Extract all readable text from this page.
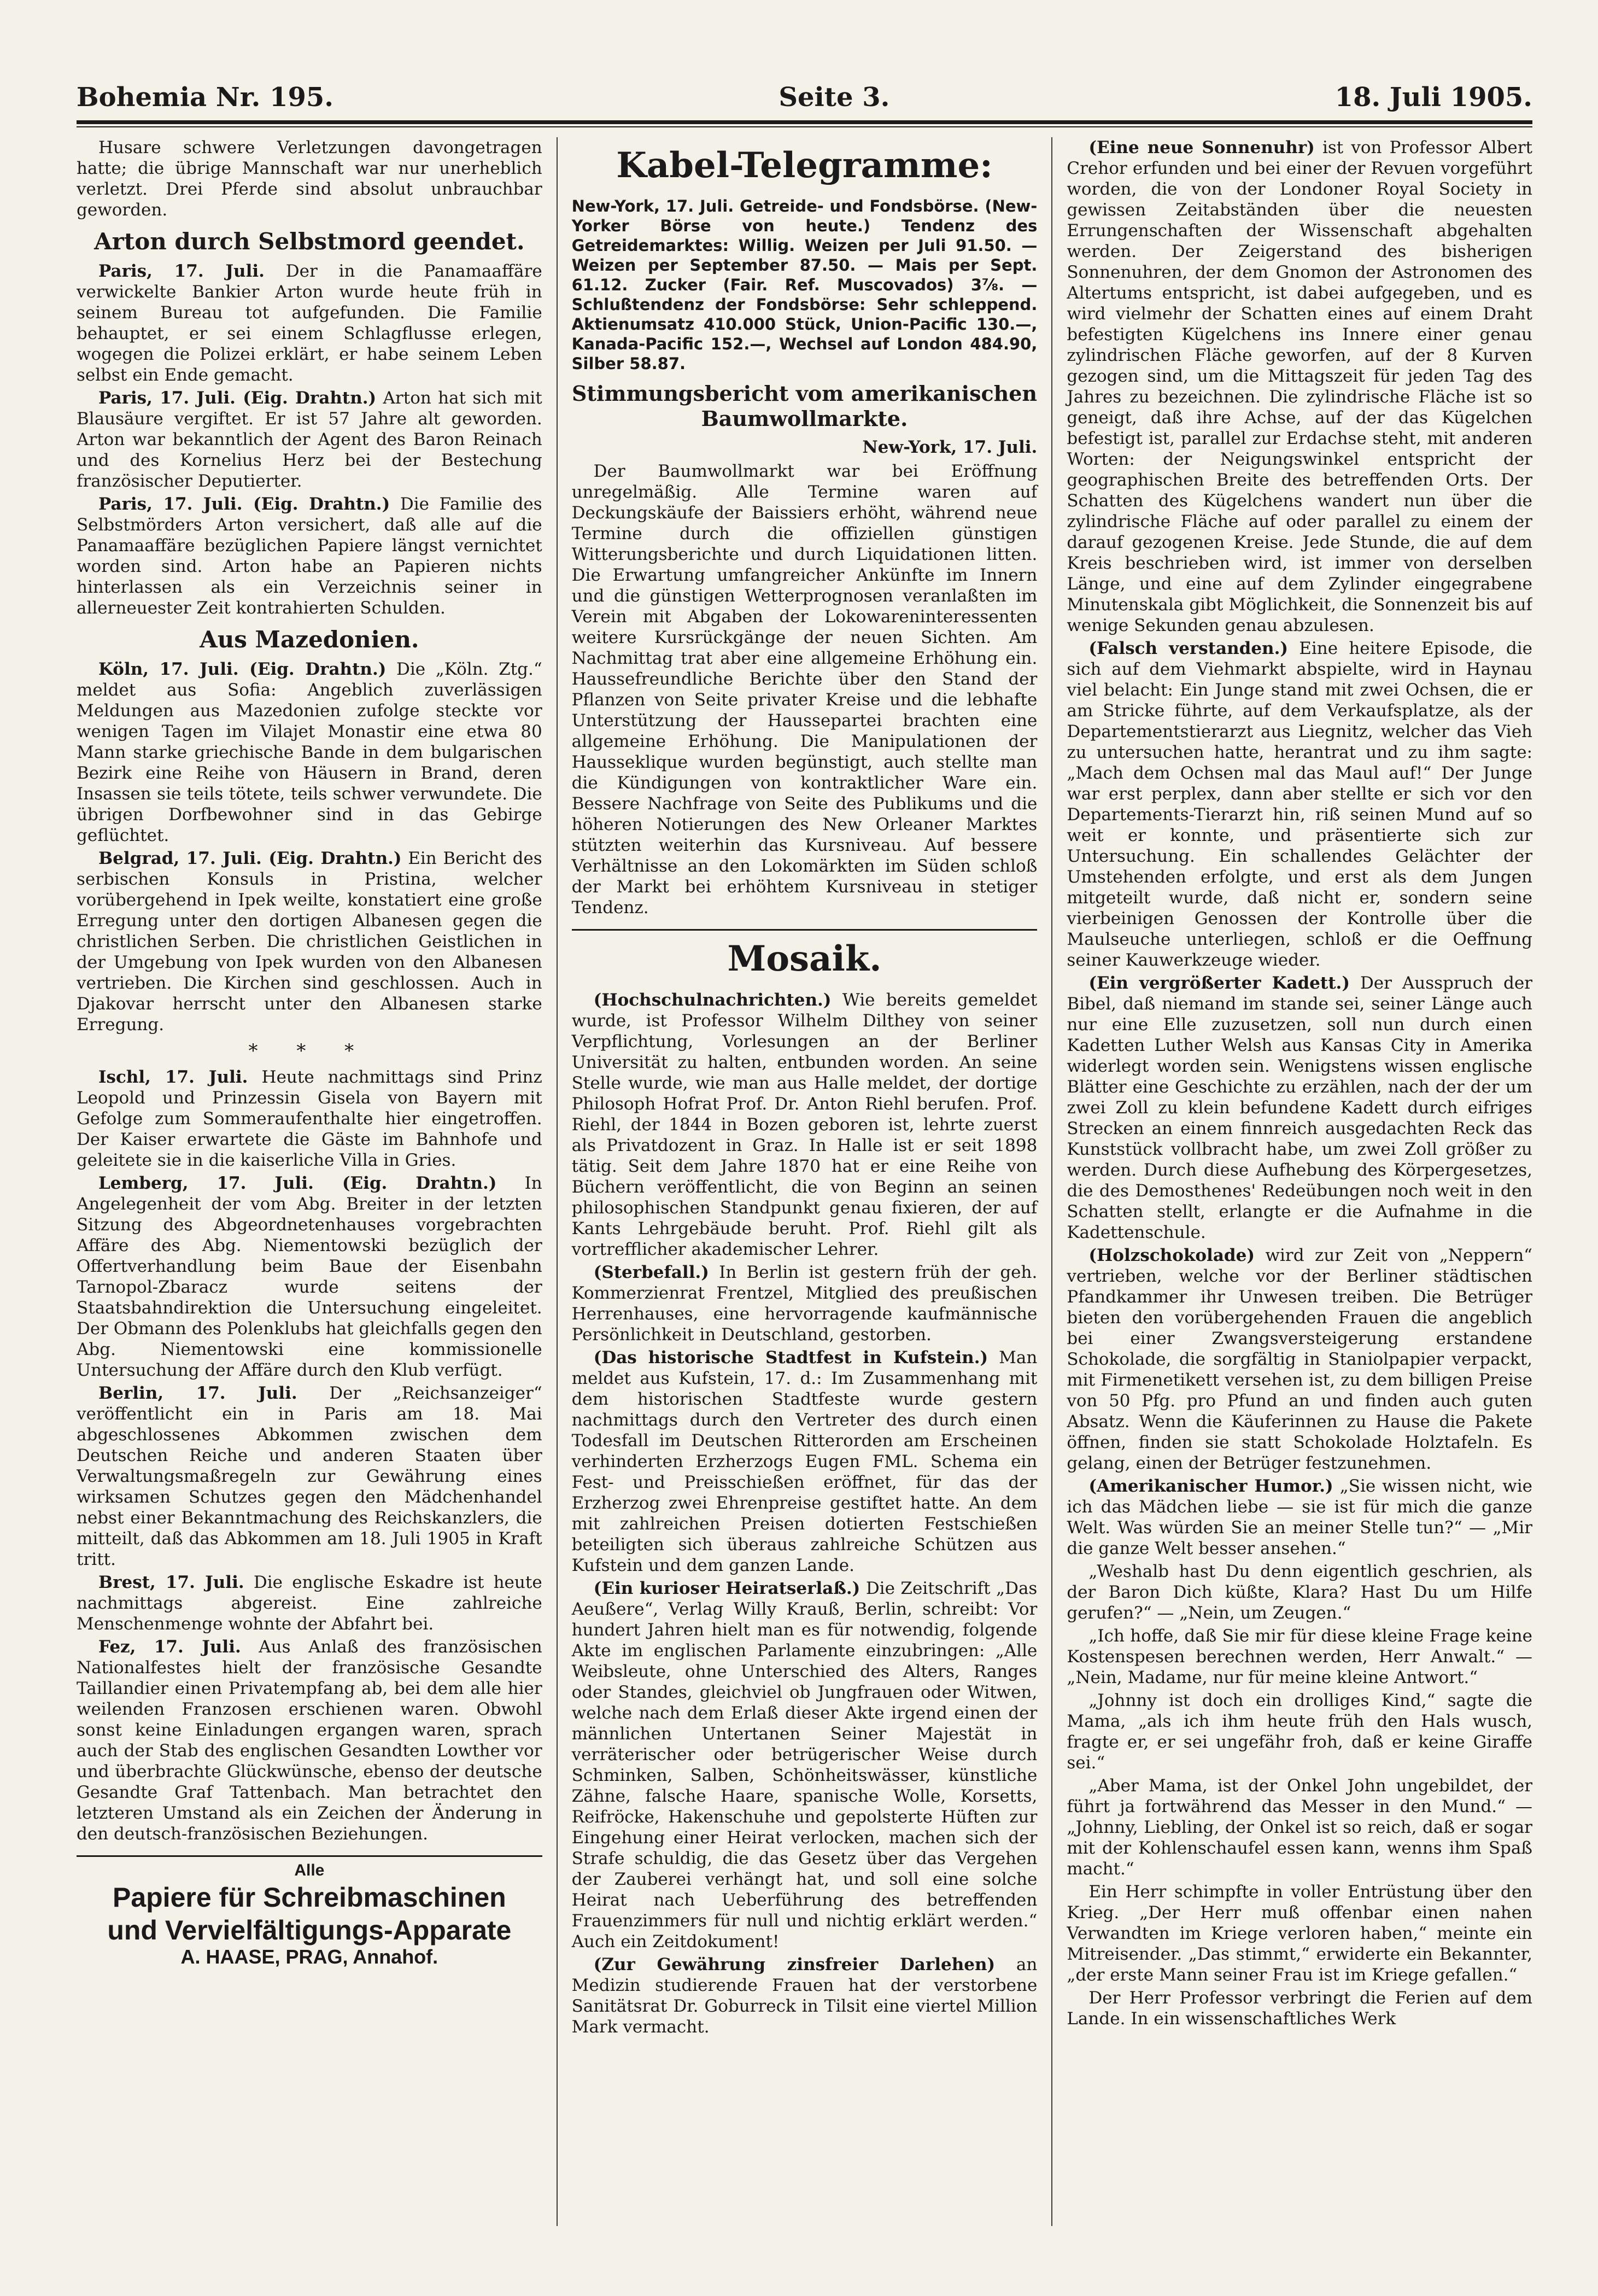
Bohemia Nr. 195.	Seite 3.	18. Juli 1905.

Husare schwere Verletzungen davongetragen hatte; die übrige Mannschaft war nur unerheblich verletzt. Drei Pferde sind absolut unbrauchbar geworden.

Arton durch Selbstmord geendet.

Paris, 17. Juli. Der in die Panamaaffäre verwickelte Bankier Arton wurde heute früh in seinem Bureau tot aufgefunden. Die Familie behauptet, er sei einem Schlagflusse erlegen, wogegen die Polizei erklärt, er habe seinem Leben selbst ein Ende gemacht.

Paris, 17. Juli. (Eig. Drahtn.) Arton hat sich mit Blausäure vergiftet. Er ist 57 Jahre alt geworden. Arton war bekanntlich der Agent des Baron Reinach und des Kornelius Herz bei der Bestechung französischer Deputierter.

Paris, 17. Juli. (Eig. Drahtn.) Die Familie des Selbstmörders Arton versichert, daß alle auf die Panamaaffäre bezüglichen Papiere längst vernichtet worden sind. Arton habe an Papieren nichts hinterlassen als ein Verzeichnis seiner in allerneuester Zeit kontrahierten Schulden.

Aus Mazedonien.

Köln, 17. Juli. (Eig. Drahtn.) Die „Köln. Ztg.“ meldet aus Sofia: Angeblich zuverlässigen Meldungen aus Mazedonien zufolge steckte vor wenigen Tagen im Vilajet Monastir eine etwa 80 Mann starke griechische Bande in dem bulgarischen Bezirk eine Reihe von Häusern in Brand, deren Insassen sie teils tötete, teils schwer verwundete. Die übrigen Dorfbewohner sind in das Gebirge geflüchtet.

Belgrad, 17. Juli. (Eig. Drahtn.) Ein Bericht des serbischen Konsuls in Pristina, welcher vorübergehend in Ipek weilte, konstatiert eine große Erregung unter den dortigen Albanesen gegen die christlichen Serben. Die christlichen Geistlichen in der Umgebung von Ipek wurden von den Albanesen vertrieben. Die Kirchen sind geschlossen. Auch in Djakovar herrscht unter den Albanesen starke Erregung.

* * *

Ischl, 17. Juli. Heute nachmittags sind Prinz Leopold und Prinzessin Gisela von Bayern mit Gefolge zum Sommeraufenthalte hier eingetroffen. Der Kaiser erwartete die Gäste im Bahnhofe und geleitete sie in die kaiserliche Villa in Gries.

Lemberg, 17. Juli. (Eig. Drahtn.) In Angelegenheit der vom Abg. Breiter in der letzten Sitzung des Abgeordnetenhauses vorgebrachten Affäre des Abg. Niementowski bezüglich der Offertverhandlung beim Baue der Eisenbahn Tarnopol-Zbaracz wurde seitens der Staatsbahndirektion die Untersuchung eingeleitet. Der Obmann des Polenklubs hat gleichfalls gegen den Abg. Niementowski eine kommissionelle Untersuchung der Affäre durch den Klub verfügt.

Berlin, 17. Juli. Der „Reichsanzeiger“ veröffentlicht ein in Paris am 18. Mai abgeschlossenes Abkommen zwischen dem Deutschen Reiche und anderen Staaten über Verwaltungsmaßregeln zur Gewährung eines wirksamen Schutzes gegen den Mädchenhandel nebst einer Bekanntmachung des Reichskanzlers, die mitteilt, daß das Abkommen am 18. Juli 1905 in Kraft tritt.

Brest, 17. Juli. Die englische Eskadre ist heute nachmittags abgereist. Eine zahlreiche Menschenmenge wohnte der Abfahrt bei.

Fez, 17. Juli. Aus Anlaß des französischen Nationalfestes hielt der französische Gesandte Taillandier einen Privatempfang ab, bei dem alle hier weilenden Franzosen erschienen waren. Obwohl sonst keine Einladungen ergangen waren, sprach auch der Stab des englischen Gesandten Lowther vor und überbrachte Glückwünsche, ebenso der deutsche Gesandte Graf Tattenbach. Man betrachtet den letzteren Umstand als ein Zeichen der Änderung in den deutsch-französischen Beziehungen.

Alle
Papiere für Schreibmaschinen
und Vervielfältigungs-Apparate
A. HAASE, PRAG, Annahof.
Kabel-Telegramme:

New-York, 17. Juli. Getreide- und Fondsbörse. (New-Yorker Börse von heute.) Tendenz des Getreidemarktes: Willig. Weizen per Juli 91.50. — Weizen per September 87.50. — Mais per Sept. 61.12. Zucker (Fair. Ref. Muscovados) 3⅞. — Schlußtendenz der Fondsbörse: Sehr schleppend. Aktienumsatz 410.000 Stück, Union-Pacific 130.—, Kanada-Pacific 152.—, Wechsel auf London 484.90, Silber 58.87.

Stimmungsbericht vom amerikanischen Baumwollmarkte.
New-York, 17. Juli.

Der Baumwollmarkt war bei Eröffnung unregelmäßig. Alle Termine waren auf Deckungskäufe der Baissiers erhöht, während neue Termine durch die offiziellen günstigen Witterungsberichte und durch Liquidationen litten. Die Erwartung umfangreicher Ankünfte im Innern und die günstigen Wetterprognosen veranlaßten im Verein mit Abgaben der Lokowareninteressenten weitere Kursrückgänge der neuen Sichten. Am Nachmittag trat aber eine allgemeine Erhöhung ein. Haussefreundliche Berichte über den Stand der Pflanzen von Seite privater Kreise und die lebhafte Unterstützung der Haussepartei brachten eine allgemeine Erhöhung. Die Manipulationen der Hausseklique wurden begünstigt, auch stellte man die Kündigungen von kontraktlicher Ware ein. Bessere Nachfrage von Seite des Publikums und die höheren Notierungen des New Orleaner Marktes stützten weiterhin das Kursniveau. Auf bessere Verhältnisse an den Lokomärkten im Süden schloß der Markt bei erhöhtem Kursniveau in stetiger Tendenz.

Mosaik.

(Hochschulnachrichten.) Wie bereits gemeldet wurde, ist Professor Wilhelm Dilthey von seiner Verpflichtung, Vorlesungen an der Berliner Universität zu halten, entbunden worden. An seine Stelle wurde, wie man aus Halle meldet, der dortige Philosoph Hofrat Prof. Dr. Anton Riehl berufen. Prof. Riehl, der 1844 in Bozen geboren ist, lehrte zuerst als Privatdozent in Graz. In Halle ist er seit 1898 tätig. Seit dem Jahre 1870 hat er eine Reihe von Büchern veröffentlicht, die von Beginn an seinen philosophischen Standpunkt genau fixieren, der auf Kants Lehrgebäude beruht. Prof. Riehl gilt als vortrefflicher akademischer Lehrer.

(Sterbefall.) In Berlin ist gestern früh der geh. Kommerzienrat Frentzel, Mitglied des preußischen Herrenhauses, eine hervorragende kaufmännische Persönlichkeit in Deutschland, gestorben.

(Das historische Stadtfest in Kufstein.) Man meldet aus Kufstein, 17. d.: Im Zusammenhang mit dem historischen Stadtfeste wurde gestern nachmittags durch den Vertreter des durch einen Todesfall im Deutschen Ritterorden am Erscheinen verhinderten Erzherzogs Eugen FML. Schema ein Fest- und Preisschießen eröffnet, für das der Erzherzog zwei Ehrenpreise gestiftet hatte. An dem mit zahlreichen Preisen dotierten Festschießen beteiligten sich überaus zahlreiche Schützen aus Kufstein und dem ganzen Lande.

(Ein kurioser Heiratserlaß.) Die Zeitschrift „Das Aeußere“, Verlag Willy Krauß, Berlin, schreibt: Vor hundert Jahren hielt man es für notwendig, folgende Akte im englischen Parlamente einzubringen: „Alle Weibsleute, ohne Unterschied des Alters, Ranges oder Standes, gleichviel ob Jungfrauen oder Witwen, welche nach dem Erlaß dieser Akte irgend einen der männlichen Untertanen Seiner Majestät in verräterischer oder betrügerischer Weise durch Schminken, Salben, Schönheitswässer, künstliche Zähne, falsche Haare, spanische Wolle, Korsetts, Reifröcke, Hakenschuhe und gepolsterte Hüften zur Eingehung einer Heirat verlocken, machen sich der Strafe schuldig, die das Gesetz über das Vergehen der Zauberei verhängt hat, und soll eine solche Heirat nach Ueberführung des betreffenden Frauenzimmers für null und nichtig erklärt werden.“ Auch ein Zeitdokument!

(Zur Gewährung zinsfreier Darlehen) an Medizin studierende Frauen hat der verstorbene Sanitätsrat Dr. Goburreck in Tilsit eine viertel Million Mark vermacht.

(Eine neue Sonnenuhr) ist von Professor Albert Crehor erfunden und bei einer der Revuen vorgeführt worden, die von der Londoner Royal Society in gewissen Zeitabständen über die neuesten Errungenschaften der Wissenschaft abgehalten werden. Der Zeigerstand des bisherigen Sonnenuhren, der dem Gnomon der Astronomen des Altertums entspricht, ist dabei aufgegeben, und es wird vielmehr der Schatten eines auf einem Draht befestigten Kügelchens ins Innere einer genau zylindrischen Fläche geworfen, auf der 8 Kurven gezogen sind, um die Mittagszeit für jeden Tag des Jahres zu bezeichnen. Die zylindrische Fläche ist so geneigt, daß ihre Achse, auf der das Kügelchen befestigt ist, parallel zur Erdachse steht, mit anderen Worten: der Neigungswinkel entspricht der geographischen Breite des betreffenden Orts. Der Schatten des Kügelchens wandert nun über die zylindrische Fläche auf oder parallel zu einem der darauf gezogenen Kreise. Jede Stunde, die auf dem Kreis beschrieben wird, ist immer von derselben Länge, und eine auf dem Zylinder eingegrabene Minutenskala gibt Möglichkeit, die Sonnenzeit bis auf wenige Sekunden genau abzulesen.

(Falsch verstanden.) Eine heitere Episode, die sich auf dem Viehmarkt abspielte, wird in Haynau viel belacht: Ein Junge stand mit zwei Ochsen, die er am Stricke führte, auf dem Verkaufsplatze, als der Departementstierarzt aus Liegnitz, welcher das Vieh zu untersuchen hatte, herantrat und zu ihm sagte: „Mach dem Ochsen mal das Maul auf!“ Der Junge war erst perplex, dann aber stellte er sich vor den Departements-Tierarzt hin, riß seinen Mund auf so weit er konnte, und präsentierte sich zur Untersuchung. Ein schallendes Gelächter der Umstehenden erfolgte, und erst als dem Jungen mitgeteilt wurde, daß nicht er, sondern seine vierbeinigen Genossen der Kontrolle über die Maulseuche unterliegen, schloß er die Oeffnung seiner Kauwerkzeuge wieder.

(Ein vergrößerter Kadett.) Der Ausspruch der Bibel, daß niemand im stande sei, seiner Länge auch nur eine Elle zuzusetzen, soll nun durch einen Kadetten Luther Welsh aus Kansas City in Amerika widerlegt worden sein. Wenigstens wissen englische Blätter eine Geschichte zu erzählen, nach der der um zwei Zoll zu klein befundene Kadett durch eifriges Strecken an einem finnreich ausgedachten Reck das Kunststück vollbracht habe, um zwei Zoll größer zu werden. Durch diese Aufhebung des Körpergesetzes, die des Demosthenes' Redeübungen noch weit in den Schatten stellt, erlangte er die Aufnahme in die Kadettenschule.

(Holzschokolade) wird zur Zeit von „Neppern“ vertrieben, welche vor der Berliner städtischen Pfandkammer ihr Unwesen treiben. Die Betrüger bieten den vorübergehenden Frauen die angeblich bei einer Zwangsversteigerung erstandene Schokolade, die sorgfältig in Staniolpapier verpackt, mit Firmenetikett versehen ist, zu dem billigen Preise von 50 Pfg. pro Pfund an und finden auch guten Absatz. Wenn die Käuferinnen zu Hause die Pakete öffnen, finden sie statt Schokolade Holztafeln. Es gelang, einen der Betrüger festzunehmen.

(Amerikanischer Humor.) „Sie wissen nicht, wie ich das Mädchen liebe — sie ist für mich die ganze Welt. Was würden Sie an meiner Stelle tun?“ — „Mir die ganze Welt besser ansehen.“

„Weshalb hast Du denn eigentlich geschrien, als der Baron Dich küßte, Klara? Hast Du um Hilfe gerufen?“ — „Nein, um Zeugen.“

„Ich hoffe, daß Sie mir für diese kleine Frage keine Kostenspesen berechnen werden, Herr Anwalt.“ — „Nein, Madame, nur für meine kleine Antwort.“

„Johnny ist doch ein drolliges Kind,“ sagte die Mama, „als ich ihm heute früh den Hals wusch, fragte er, er sei ungefähr froh, daß er keine Giraffe sei.“

„Aber Mama, ist der Onkel John ungebildet, der führt ja fortwährend das Messer in den Mund.“ — „Johnny, Liebling, der Onkel ist so reich, daß er sogar mit der Kohlenschaufel essen kann, wenns ihm Spaß macht.“

Ein Herr schimpfte in voller Entrüstung über den Krieg. „Der Herr muß offenbar einen nahen Verwandten im Kriege verloren haben,“ meinte ein Mitreisender. „Das stimmt,“ erwiderte ein Bekannter, „der erste Mann seiner Frau ist im Kriege gefallen.“

Der Herr Professor verbringt die Ferien auf dem Lande. In ein wissenschaftliches Werk
